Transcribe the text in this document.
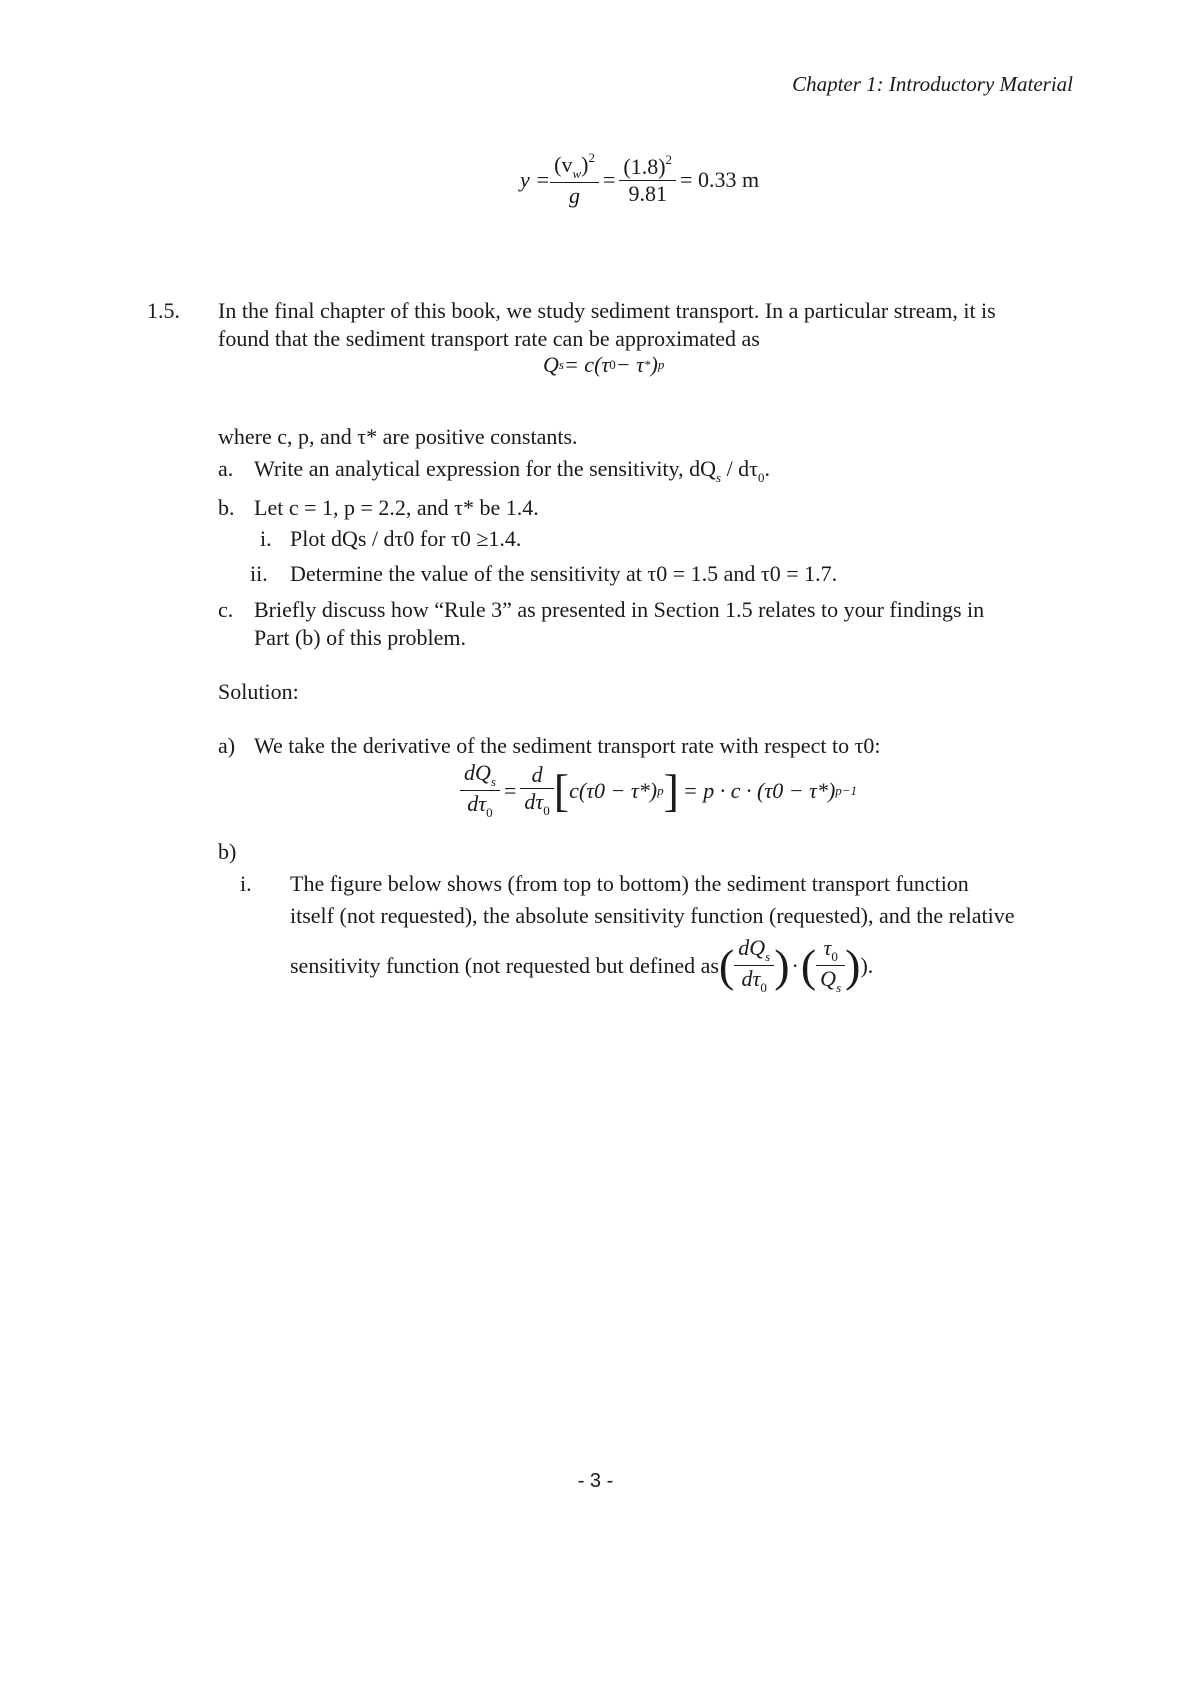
Chapter 1: Introductory Material
$y = \frac{(v_w)^2}{g} = \frac{(1.8)^2}{9.81} = 0.33$ m
1.5. In the final chapter of this book, we study sediment transport. In a particular stream, it is
found that the sediment transport rate can be approximated as
Q s = c(τ 0 − τ * ) p
where c, p, and τ* are positive constants.
a. Write an analytical expression for the sensitivity, $dQ_s / d\tau_0$.
b. Let c = 1, p = 2.2, and τ* be 1.4.
i. Plot dQs / dτ0 for τ0 ≥1.4.
ii. Determine the value of the sensitivity at τ0 = 1.5 and τ0 = 1.7.
c. Briefly discuss how “Rule 3” as presented in Section 1.5 relates to your findings in
Part (b) of this problem.
Solution:
a) We take the derivative of the sediment transport rate with respect to τ0:
$\frac{dQ_s}{d\tau_0} = \frac{d}{d\tau_0}$ [ c(τ0 − τ*) p ] = p · c · (τ0 − τ*) p−1
b)
i. The figure below shows (from top to bottom) the sediment transport function
itself (not requested), the absolute sensitivity function (requested), and the relative
sensitivity function (not requested but defined as ( $\frac{dQ_s}{d\tau_0}$ ) · ( $\frac{\tau_0}{Q_s}$ ) ).
- 3 -
